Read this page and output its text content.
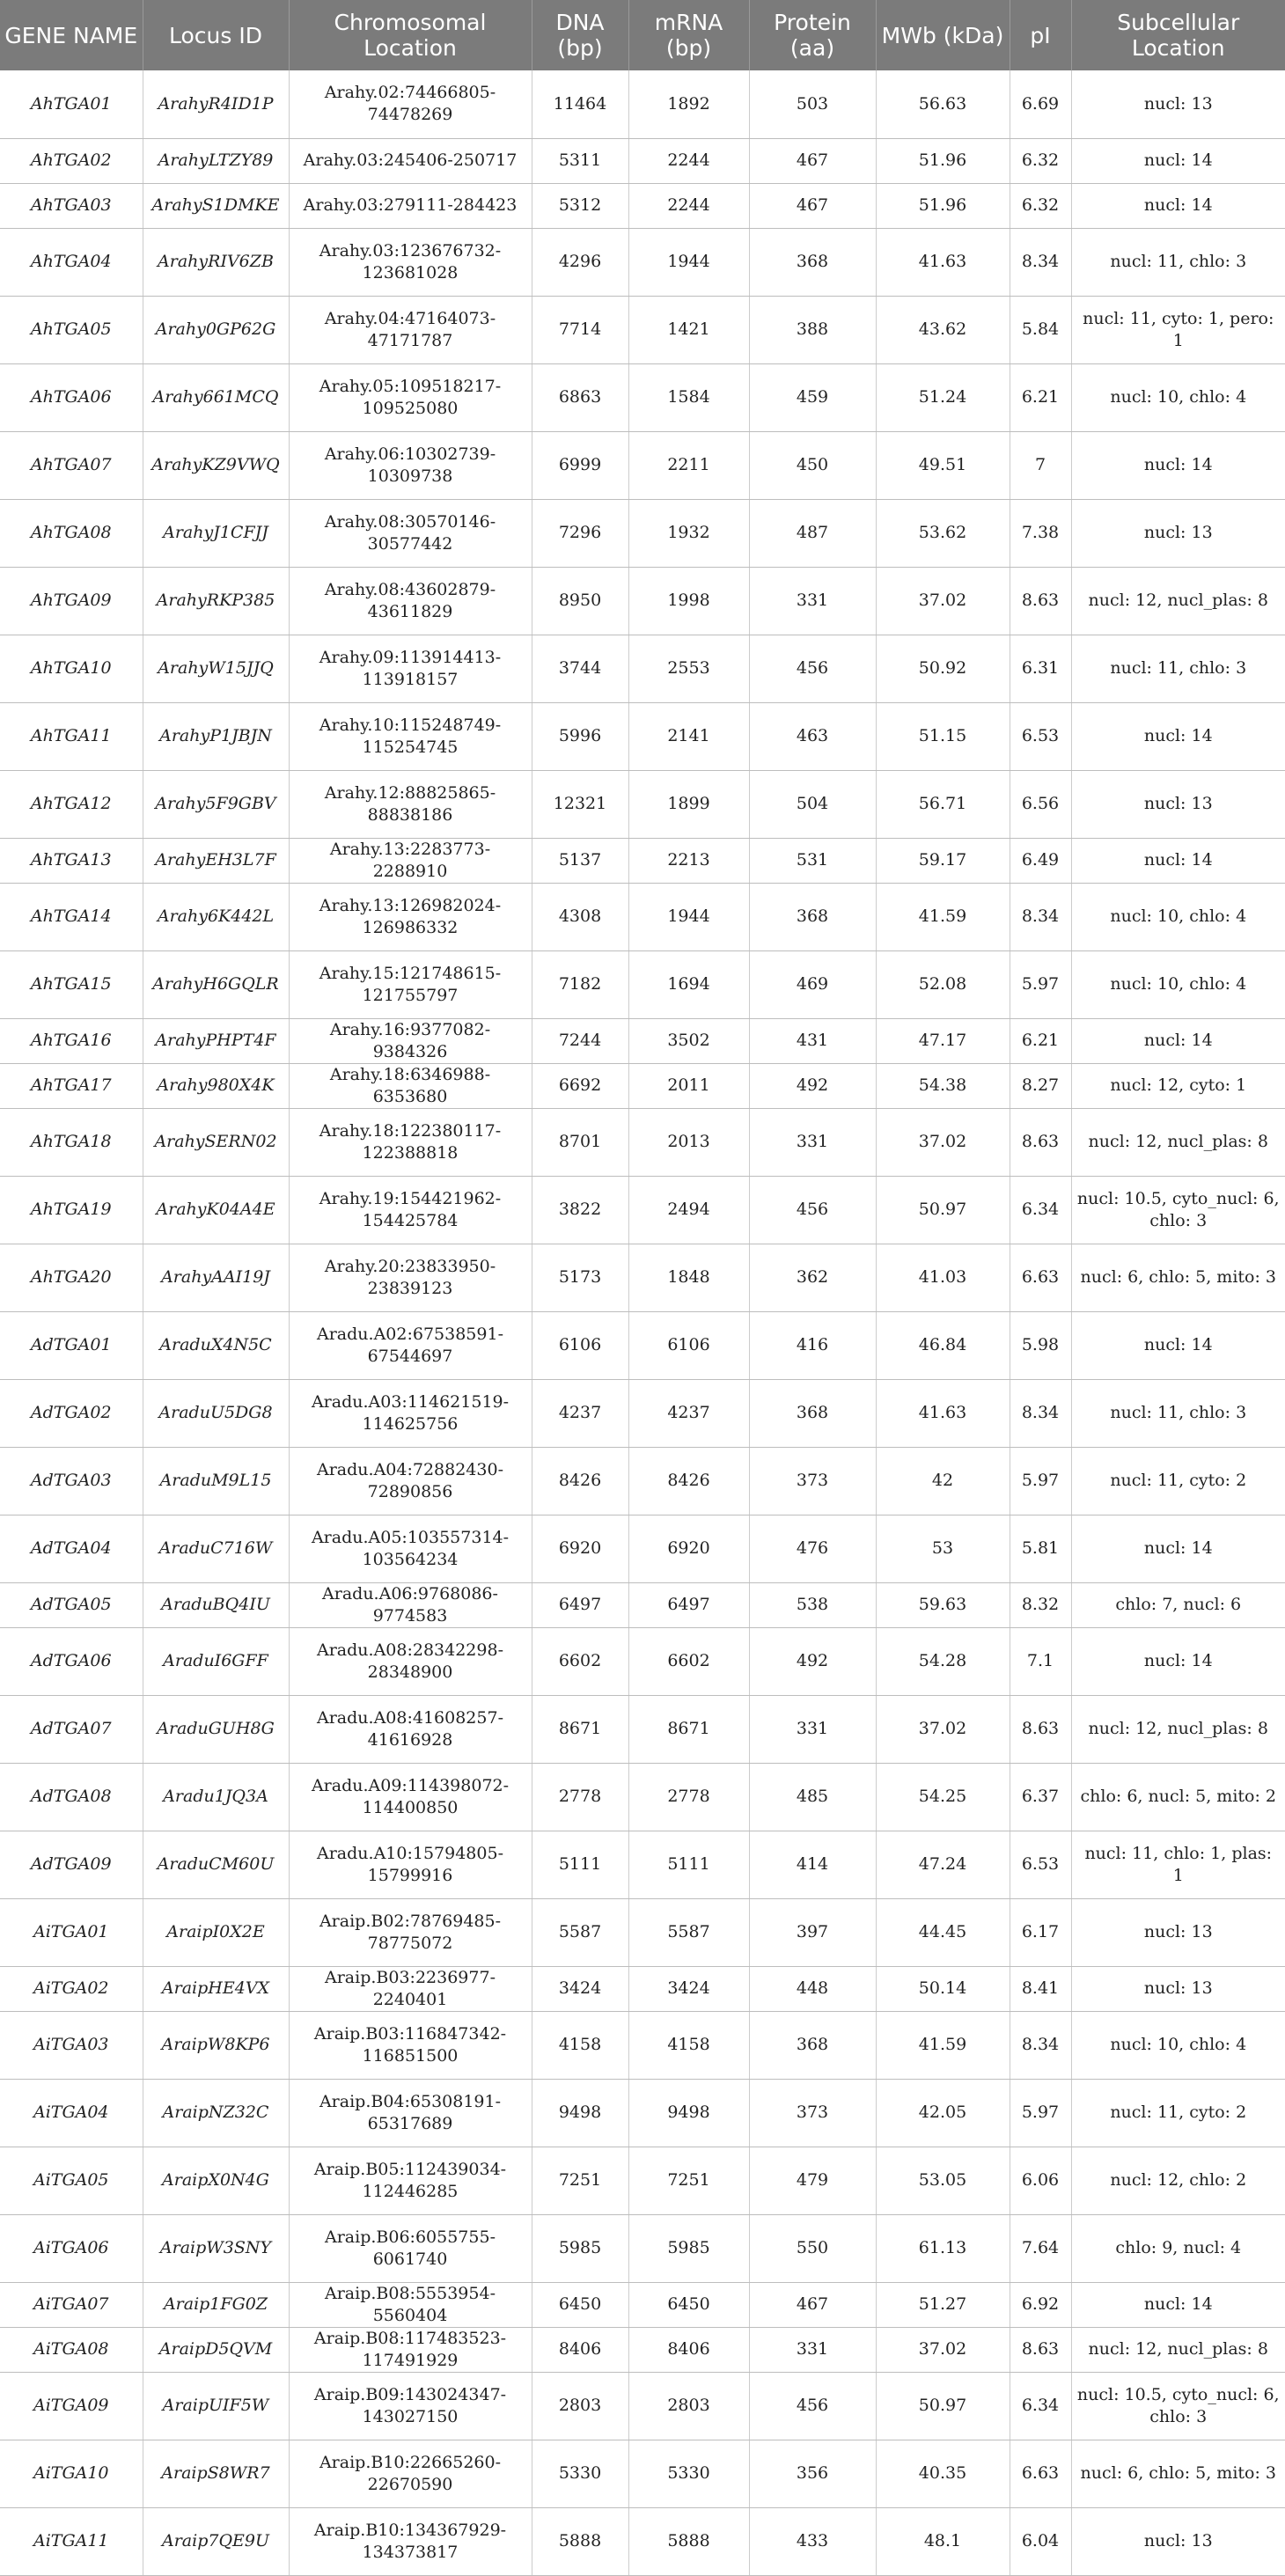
GENE NAME	Locus ID	Chromosomal Location	DNA (bp)	mRNA (bp)	Protein (aa)	MWb (kDa)	pI	Subcellular Location
AhTGA01	ArahyR4ID1P	Arahy.02:74466805-74478269	11464	1892	503	56.63	6.69	nucl: 13
AhTGA02	ArahyLTZY89	Arahy.03:245406-250717	5311	2244	467	51.96	6.32	nucl: 14
AhTGA03	ArahyS1DMKE	Arahy.03:279111-284423	5312	2244	467	51.96	6.32	nucl: 14
AhTGA04	ArahyRIV6ZB	Arahy.03:123676732-123681028	4296	1944	368	41.63	8.34	nucl: 11, chlo: 3
AhTGA05	Arahy0GP62G	Arahy.04:47164073-47171787	7714	1421	388	43.62	5.84	nucl: 11, cyto: 1, pero: 1
AhTGA06	Arahy661MCQ	Arahy.05:109518217-109525080	6863	1584	459	51.24	6.21	nucl: 10, chlo: 4
AhTGA07	ArahyKZ9VWQ	Arahy.06:10302739-10309738	6999	2211	450	49.51	7	nucl: 14
AhTGA08	ArahyJ1CFJJ	Arahy.08:30570146-30577442	7296	1932	487	53.62	7.38	nucl: 13
AhTGA09	ArahyRKP385	Arahy.08:43602879-43611829	8950	1998	331	37.02	8.63	nucl: 12, nucl_plas: 8
AhTGA10	ArahyW15JJQ	Arahy.09:113914413-113918157	3744	2553	456	50.92	6.31	nucl: 11, chlo: 3
AhTGA11	ArahyP1JBJN	Arahy.10:115248749-115254745	5996	2141	463	51.15	6.53	nucl: 14
AhTGA12	Arahy5F9GBV	Arahy.12:88825865-88838186	12321	1899	504	56.71	6.56	nucl: 13
AhTGA13	ArahyEH3L7F	Arahy.13:2283773-2288910	5137	2213	531	59.17	6.49	nucl: 14
AhTGA14	Arahy6K442L	Arahy.13:126982024-126986332	4308	1944	368	41.59	8.34	nucl: 10, chlo: 4
AhTGA15	ArahyH6GQLR	Arahy.15:121748615-121755797	7182	1694	469	52.08	5.97	nucl: 10, chlo: 4
AhTGA16	ArahyPHPT4F	Arahy.16:9377082-9384326	7244	3502	431	47.17	6.21	nucl: 14
AhTGA17	Arahy980X4K	Arahy.18:6346988-6353680	6692	2011	492	54.38	8.27	nucl: 12, cyto: 1
AhTGA18	ArahySERN02	Arahy.18:122380117-122388818	8701	2013	331	37.02	8.63	nucl: 12, nucl_plas: 8
AhTGA19	ArahyK04A4E	Arahy.19:154421962-154425784	3822	2494	456	50.97	6.34	nucl: 10.5, cyto_nucl: 6, chlo: 3
AhTGA20	ArahyAAI19J	Arahy.20:23833950-23839123	5173	1848	362	41.03	6.63	nucl: 6, chlo: 5, mito: 3
AdTGA01	AraduX4N5C	Aradu.A02:67538591-67544697	6106	6106	416	46.84	5.98	nucl: 14
AdTGA02	AraduU5DG8	Aradu.A03:114621519-114625756	4237	4237	368	41.63	8.34	nucl: 11, chlo: 3
AdTGA03	AraduM9L15	Aradu.A04:72882430-72890856	8426	8426	373	42	5.97	nucl: 11, cyto: 2
AdTGA04	AraduC716W	Aradu.A05:103557314-103564234	6920	6920	476	53	5.81	nucl: 14
AdTGA05	AraduBQ4IU	Aradu.A06:9768086-9774583	6497	6497	538	59.63	8.32	chlo: 7, nucl: 6
AdTGA06	AraduI6GFF	Aradu.A08:28342298-28348900	6602	6602	492	54.28	7.1	nucl: 14
AdTGA07	AraduGUH8G	Aradu.A08:41608257-41616928	8671	8671	331	37.02	8.63	nucl: 12, nucl_plas: 8
AdTGA08	Aradu1JQ3A	Aradu.A09:114398072-114400850	2778	2778	485	54.25	6.37	chlo: 6, nucl: 5, mito: 2
AdTGA09	AraduCM60U	Aradu.A10:15794805-15799916	5111	5111	414	47.24	6.53	nucl: 11, chlo: 1, plas: 1
AiTGA01	AraipI0X2E	Araip.B02:78769485-78775072	5587	5587	397	44.45	6.17	nucl: 13
AiTGA02	AraipHE4VX	Araip.B03:2236977-2240401	3424	3424	448	50.14	8.41	nucl: 13
AiTGA03	AraipW8KP6	Araip.B03:116847342-116851500	4158	4158	368	41.59	8.34	nucl: 10, chlo: 4
AiTGA04	AraipNZ32C	Araip.B04:65308191-65317689	9498	9498	373	42.05	5.97	nucl: 11, cyto: 2
AiTGA05	AraipX0N4G	Araip.B05:112439034-112446285	7251	7251	479	53.05	6.06	nucl: 12, chlo: 2
AiTGA06	AraipW3SNY	Araip.B06:6055755-6061740	5985	5985	550	61.13	7.64	chlo: 9, nucl: 4
AiTGA07	Araip1FG0Z	Araip.B08:5553954-5560404	6450	6450	467	51.27	6.92	nucl: 14
AiTGA08	AraipD5QVM	Araip.B08:117483523-117491929	8406	8406	331	37.02	8.63	nucl: 12, nucl_plas: 8
AiTGA09	AraipUIF5W	Araip.B09:143024347-143027150	2803	2803	456	50.97	6.34	nucl: 10.5, cyto_nucl: 6, chlo: 3
AiTGA10	AraipS8WR7	Araip.B10:22665260-22670590	5330	5330	356	40.35	6.63	nucl: 6, chlo: 5, mito: 3
AiTGA11	Araip7QE9U	Araip.B10:134367929-134373817	5888	5888	433	48.1	6.04	nucl: 13
